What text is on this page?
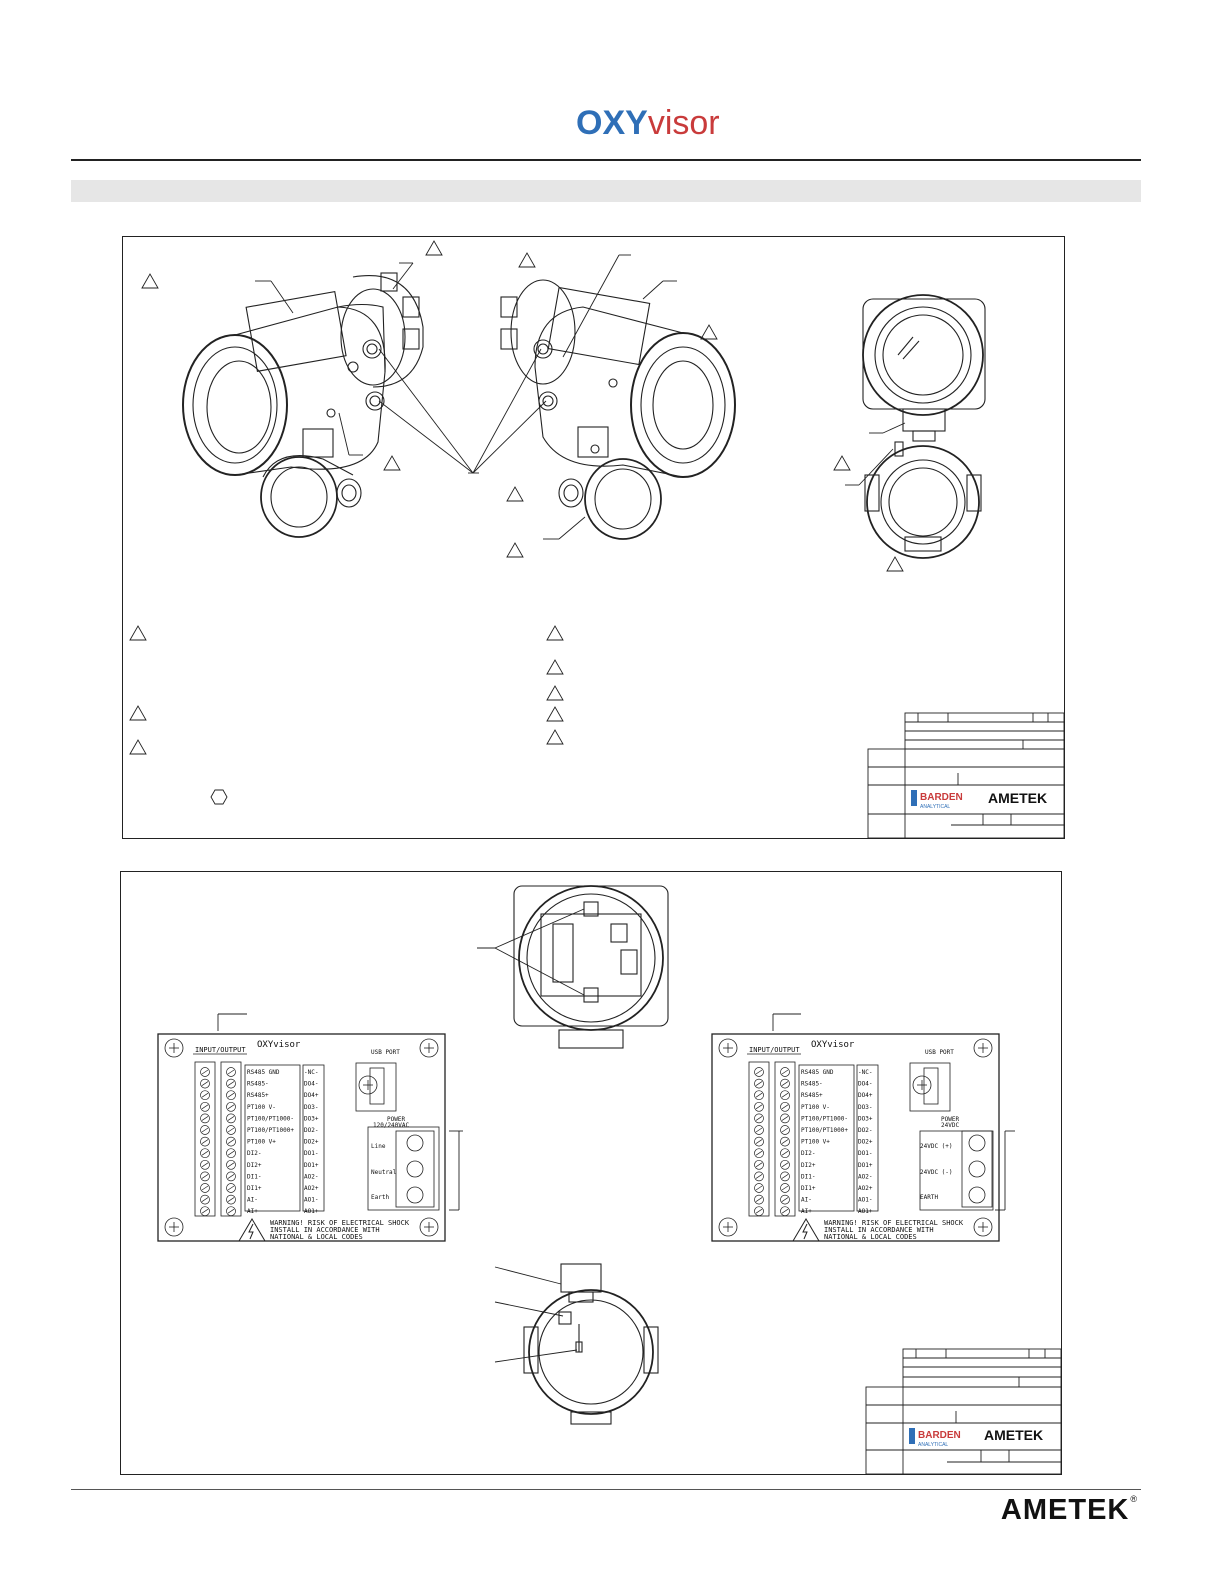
OXYvisor
BARDEN
ANALYTICAL
AMETEK
BARDEN
ANALYTICAL
AMETEK
INPUT/OUTPUT OXYvisor
RS485 GND
RS485-
RS485+
PT100 V-
PT100/PT1000-
PT100/PT1000+
PT100 V+
DI2-
DI2+
DI1-
DI1+
AI-
AI+
-NC-
DO4-
DO4+
DO3-
DO3+
DO2-
DO2+
DO1-
DO1+
AO2-
AO2+
AO1-
AO1+
USB PORT
POWER
120/240VAC
Line
Neutral
Earth
WARNING! RISK OF ELECTRICAL SHOCK
INSTALL IN ACCORDANCE WITH
NATIONAL & LOCAL CODES
INPUT/OUTPUT OXYvisor
RS485 GND
RS485-
RS485+
PT100 V-
PT100/PT1000-
PT100/PT1000+
PT100 V+
DI2-
DI2+
DI1-
DI1+
AI-
AI+
-NC-
DO4-
DO4+
DO3-
DO3+
DO2-
DO2+
DO1-
DO1+
AO2-
AO2+
AO1-
AO1+
USB PORT
POWER
24VDC
24VDC (+)
24VDC (-)
EARTH
WARNING! RISK OF ELECTRICAL SHOCK
INSTALL IN ACCORDANCE WITH
NATIONAL & LOCAL CODES
AMETEK®
